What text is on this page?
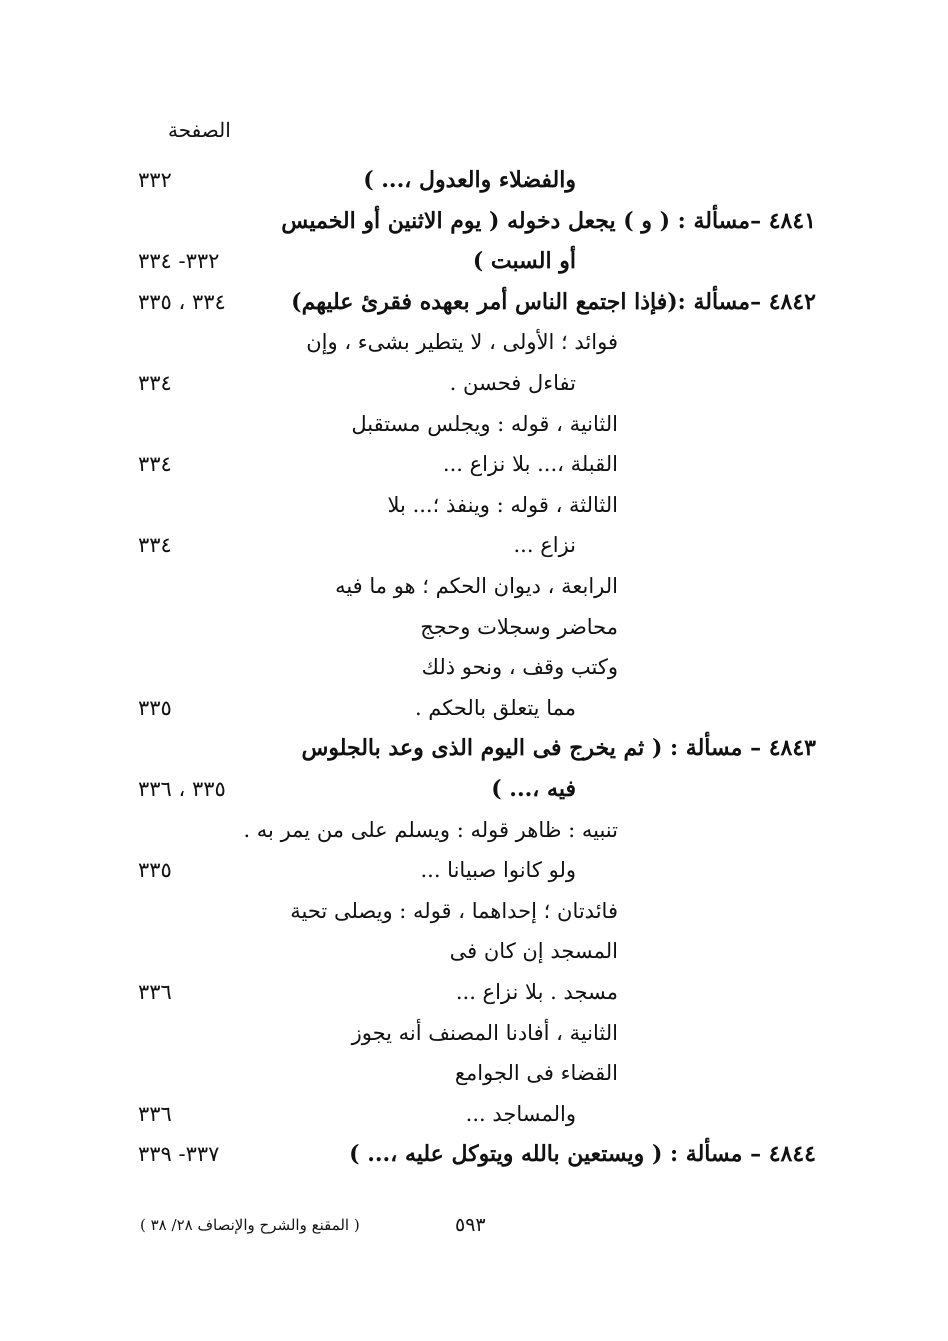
الصفحة
والفضلاء والعدول ،... )
٣٣٢
٤٨٤١ –مسألة : ( و ) يجعل دخوله ( يوم الاثنين أو الخميس
أو السبت )
٣٣٢- ٣٣٤
٤٨٤٢ –مسألة :(فإذا اجتمع الناس أمر بعهده فقرئ عليهم)
٣٣٤ ، ٣٣٥
فوائد ؛ الأولى ، لا يتطير بشىء ، وإن
تفاءل فحسن .
٣٣٤
الثانية ، قوله : ويجلس مستقبل
القبلة ،... بلا نزاع ...
٣٣٤
الثالثة ، قوله : وينفذ ؛... بلا
نزاع ...
٣٣٤
الرابعة ، ديوان الحكم ؛ هو ما فيه
محاضر وسجلات وحجج
وكتب وقف ، ونحو ذلك
مما يتعلق بالحكم .
٣٣٥
٤٨٤٣ – مسألة : ( ثم يخرج فى اليوم الذى وعد بالجلوس
فيه ،... )
٣٣٥ ، ٣٣٦
تنبيه : ظاهر قوله : ويسلم على من يمر به .
ولو كانوا صبيانا ...
٣٣٥
فائدتان ؛ إحداهما ، قوله : ويصلى تحية
المسجد إن كان فى
مسجد . بلا نزاع ...
٣٣٦
الثانية ، أفادنا المصنف أنه يجوز
القضاء فى الجوامع
والمساجد ...
٣٣٦
٤٨٤٤ – مسألة : ( ويستعين بالله ويتوكل عليه ،... )
٣٣٧- ٣٣٩
٥٩٣
( المقنع والشرح والإنصاف ٢٨/ ٣٨ )
